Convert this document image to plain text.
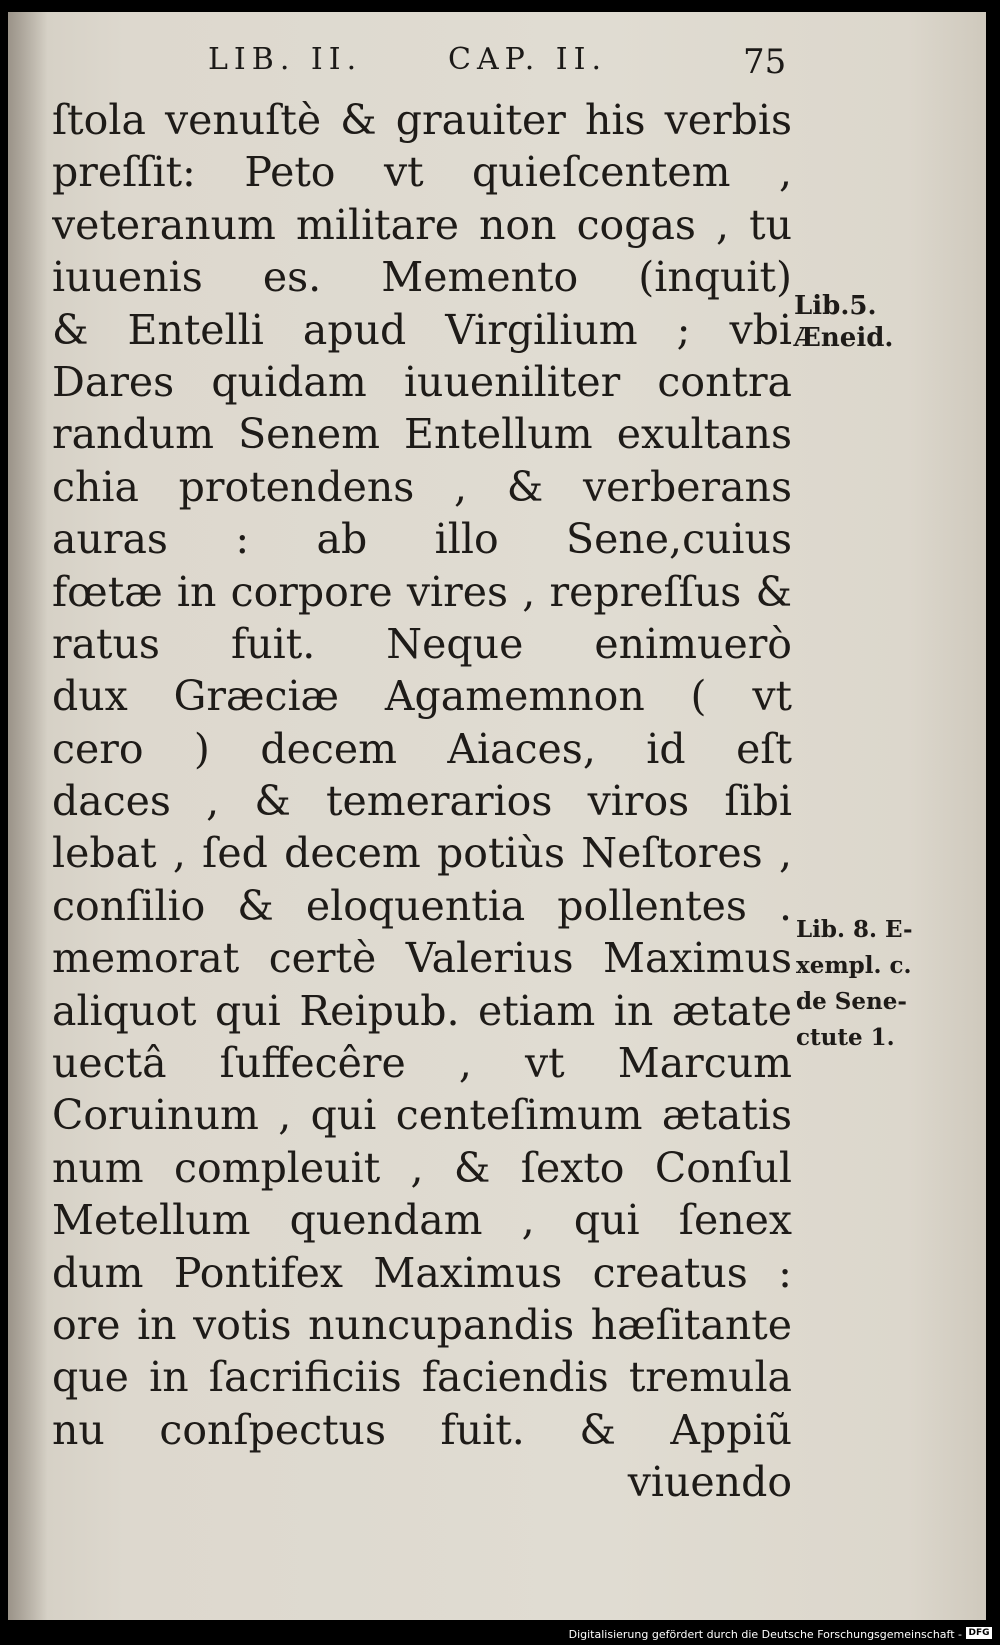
LIB. II.	CAP. II.	75
ſtola venuſtè & grauiter his verbis
preſſit: Peto vt quieſcentem ,
veteranum militare non cogas , tu
iuuenis es. Memento (inquit)
& Entelli apud Virgilium ; vbi
Dares quidam iuueniliter contra
randum Senem Entellum exultans
chia protendens , & verberans
auras : ab illo Sene,cuius
fœtæ in corpore vires , repreſſus &
ratus fuit. Neque enimuerò
dux Græciæ Agamemnon ( vt
cero ) decem Aiaces, id eſt
daces , & temerarios viros ſibi
lebat , ſed decem potiùs Neſtores ,
conſilio & eloquentia pollentes .
memorat certè Valerius Maximus
aliquot qui Reipub. etiam in ætate
uectâ ſuffecêre , vt Marcum
Coruinum , qui centeſimum ætatis
num compleuit , & ſexto Conſul
Metellum quendam , qui ſenex
dum Pontifex Maximus creatus :
ore in votis nuncupandis hæſitante
que in ſacrificiis faciendis tremula
nu conſpectus fuit. & Appiũ
viuendo
Lib.5.
Æneid.
Lib. 8. E-
xempl. c.
de Sene-
ctute 1.
Digitalisierung gefördert durch die Deutsche Forschungsgemeinschaft - DFG
